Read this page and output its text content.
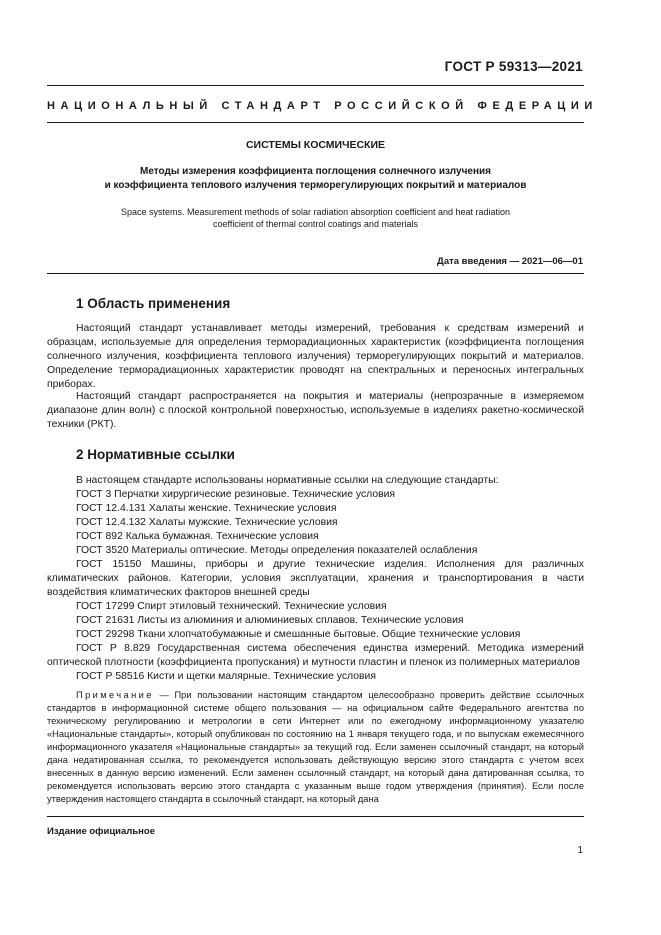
ГОСТ Р 59313—2021
НАЦИОНАЛЬНЫЙ СТАНДАРТ РОССИЙСКОЙ ФЕДЕРАЦИИ
СИСТЕМЫ КОСМИЧЕСКИЕ
Методы измерения коэффициента поглощения солнечного излучения
и коэффициента теплового излучения терморегулирующих покрытий и материалов
Space systems. Measurement methods of solar radiation absorption coefficient and heat radiation
coefficient of thermal control coatings and materials
Дата введения — 2021—06—01
1 Область применения

Настоящий стандарт устанавливает методы измерений, требования к средствам измерений и образцам, используемые для определения терморадиационных характеристик (коэффициента поглощения солнечного излучения, коэффициента теплового излучения) терморегулирующих покрытий и материалов. Определение терморадиационных характеристик проводят на спектральных и переносных интегральных приборах.

Настоящий стандарт распространяется на покрытия и материалы (непрозрачные в измеряемом диапазоне длин волн) с плоской контрольной поверхностью, используемые в изделиях ракетно-космической техники (РКТ).

2 Нормативные ссылки
В настоящем стандарте использованы нормативные ссылки на следующие стандарты:
ГОСТ 3 Перчатки хирургические резиновые. Технические условия
ГОСТ 12.4.131 Халаты женские. Технические условия
ГОСТ 12.4.132 Халаты мужские. Технические условия
ГОСТ 892 Калька бумажная. Технические условия
ГОСТ 3520 Материалы оптические. Методы определения показателей ослабления
ГОСТ 15150 Машины, приборы и другие технические изделия. Исполнения для различных климатических районов. Категории, условия эксплуатации, хранения и транспортирования в части воздействия климатических факторов внешней среды
ГОСТ 17299 Спирт этиловый технический. Технические условия
ГОСТ 21631 Листы из алюминия и алюминиевых сплавов. Технические условия
ГОСТ 29298 Ткани хлопчатобумажные и смешанные бытовые. Общие технические условия
ГОСТ Р 8.829 Государственная система обеспечения единства измерений. Методика измерений оптической плотности (коэффициента пропускания) и мутности пластин и пленок из полимерных материалов
ГОСТ Р 58516 Кисти и щетки малярные. Технические условия

Примечание — При пользовании настоящим стандартом целесообразно проверить действие ссылочных стандартов в информационной системе общего пользования — на официальном сайте Федерального агентства по техническому регулированию и метрологии в сети Интернет или по ежегодному информационному указателю «Национальные стандарты», который опубликован по состоянию на 1 января текущего года, и по выпускам ежемесячного информационного указателя «Национальные стандарты» за текущий год. Если заменен ссылочный стандарт, на который дана недатированная ссылка, то рекомендуется использовать действующую версию этого стандарта с учетом всех внесенных в данную версию изменений. Если заменен ссылочный стандарт, на который дана датированная ссылка, то рекомендуется использовать версию этого стандарта с указанным выше годом утверждения (принятия). Если после утверждения настоящего стандарта в ссылочный стандарт, на который дана

Издание официальное
1
